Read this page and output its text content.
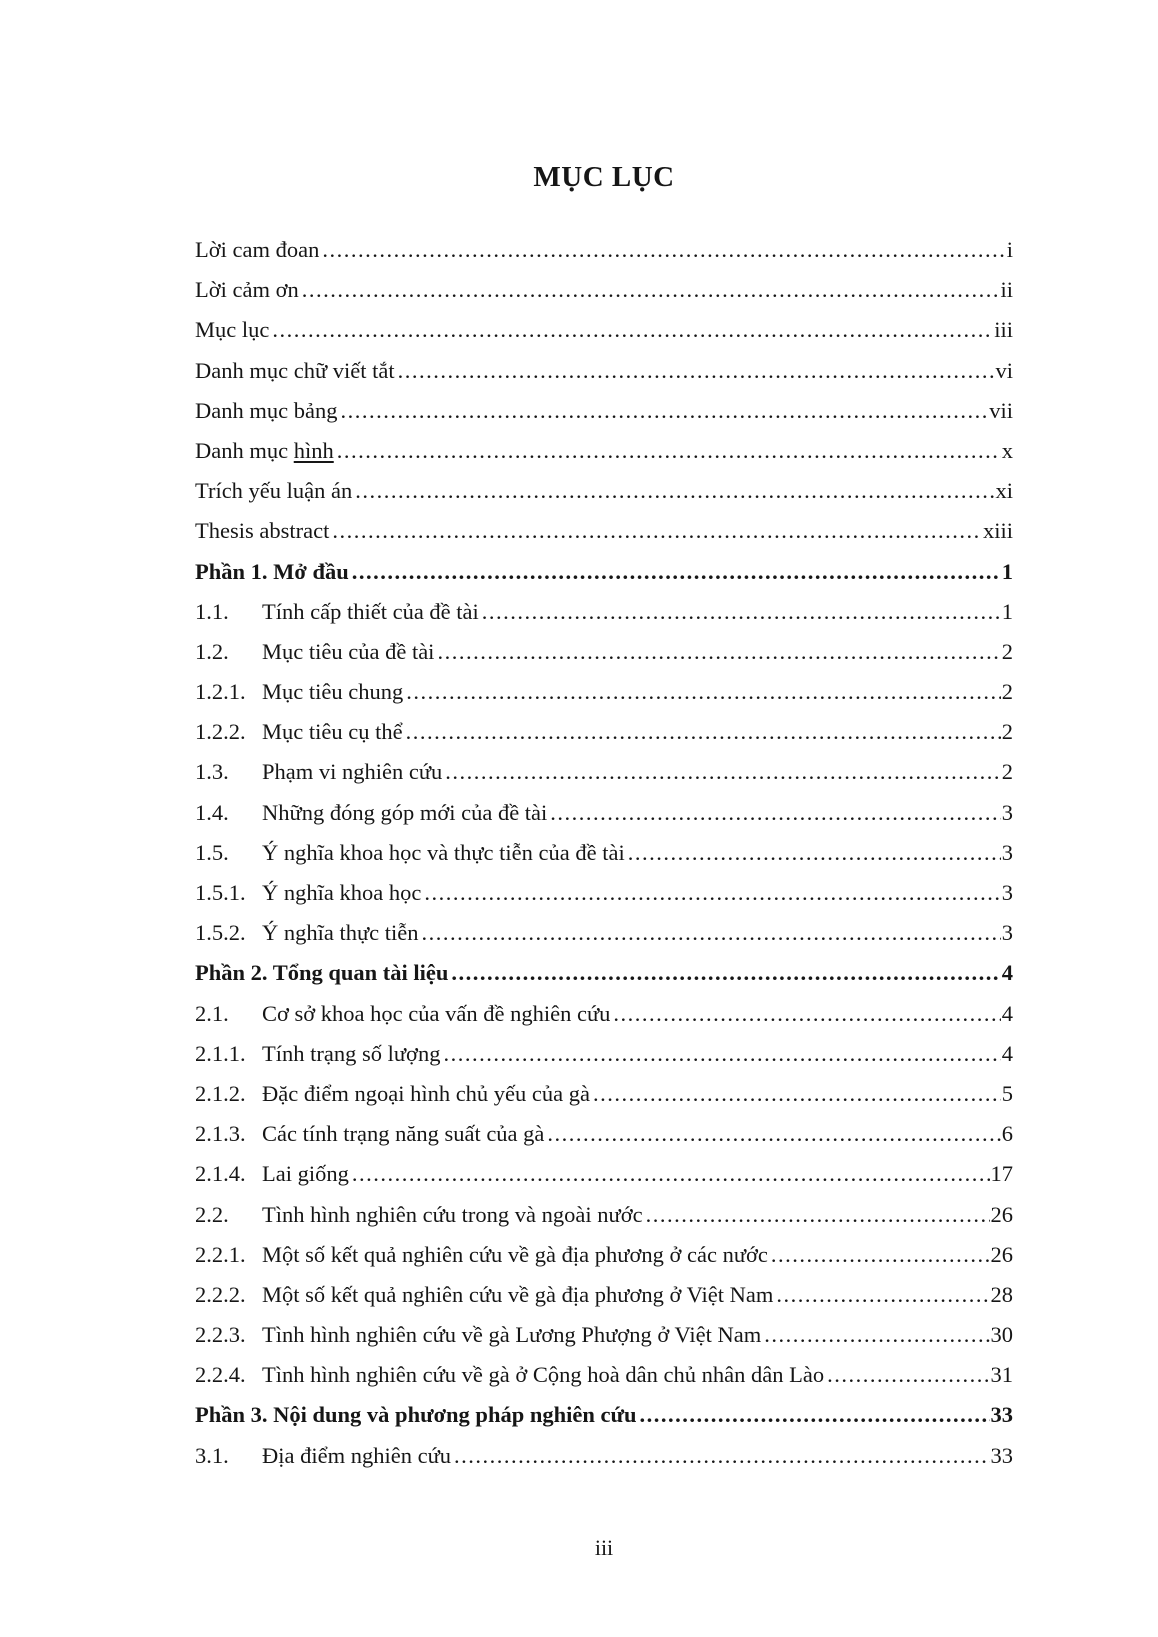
MỤC LỤC
Lời cam đoan .....	i
Lời cảm ơn .....	ii
Mục lục .....	iii
Danh mục chữ viết tắt .....	vi
Danh mục bảng .....	vii
Danh mục hình .....	x
Trích yếu luận án .....	xi
Thesis abstract .....	xiii
Phần 1. Mở đầu .....	1
1.1.	Tính cấp thiết của đề tài .....	1
1.2.	Mục tiêu của đề tài .....	2
1.2.1. Mục tiêu chung .....	2
1.2.2. Mục tiêu cụ thể .....	2
1.3.	Phạm vi nghiên cứu .....	2
1.4.	Những đóng góp mới của đề tài .....	3
1.5.	Ý nghĩa khoa học và thực tiễn của đề tài .....	3
1.5.1. Ý nghĩa khoa học .....	3
1.5.2. Ý nghĩa thực tiễn .....	3
Phần 2. Tổng quan tài liệu .....	4
2.1.	Cơ sở khoa học của vấn đề nghiên cứu .....	4
2.1.1. Tính trạng số lượng .....	4
2.1.2. Đặc điểm ngoại hình chủ yếu của gà .....	5
2.1.3. Các tính trạng năng suất của gà .....	6
2.1.4. Lai giống .....	17
2.2.	Tình hình nghiên cứu trong và ngoài nước .....	26
2.2.1. Một số kết quả nghiên cứu về gà địa phương ở các nước .....	26
2.2.2. Một số kết quả nghiên cứu về gà địa phương ở Việt Nam .....	28
2.2.3. Tình hình nghiên cứu về gà Lương Phượng ở Việt Nam .....	30
2.2.4. Tình hình nghiên cứu về gà ở Cộng hoà dân chủ nhân dân Lào .....	31
Phần 3. Nội dung và phương pháp nghiên cứu .....	33
3.1.	Địa điểm nghiên cứu .....	33
iii
